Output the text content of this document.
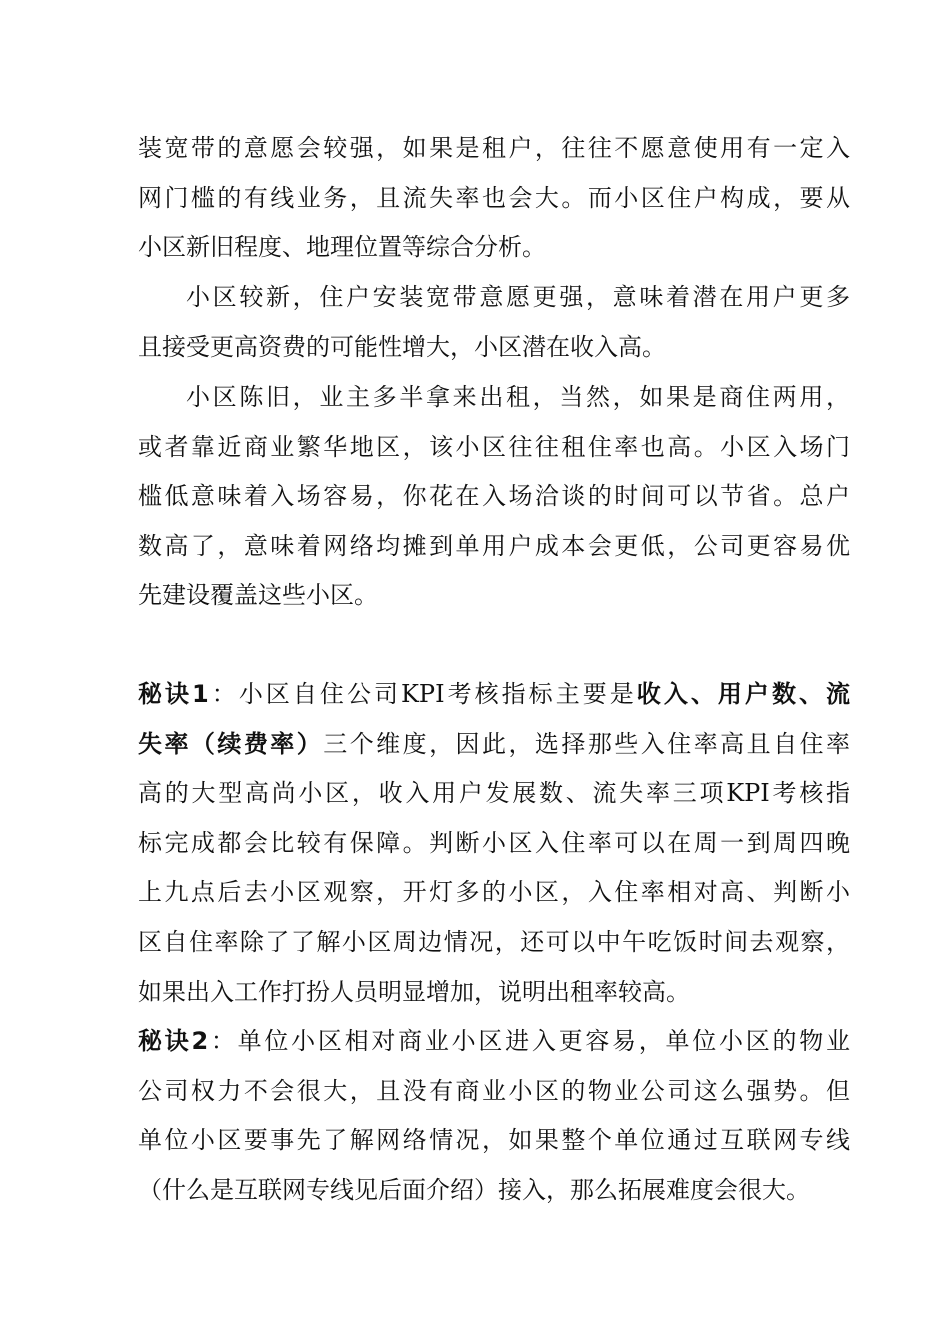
装宽带的意愿会较强，如果是租户，往往不愿意使用有一定入
网门槛的有线业务，且流失率也会大。而小区住户构成，要从
小区新旧程度、地理位置等综合分析。
小区较新，住户安装宽带意愿更强，意味着潜在用户更多
且接受更高资费的可能性增大，小区潜在收入高。
小区陈旧，业主多半拿来出租，当然，如果是商住两用，
或者靠近商业繁华地区，该小区往往租住率也高。小区入场门
槛低意味着入场容易，你花在入场洽谈的时间可以节省。总户
数高了，意味着网络均摊到单用户成本会更低，公司更容易优
先建设覆盖这些小区。
秘诀1：小区自住公司KPI考核指标主要是收入、用户数、流
失率（续费率）三个维度，因此，选择那些入住率高且自住率
高的大型高尚小区，收入用户发展数、流失率三项KPI考核指
标完成都会比较有保障。判断小区入住率可以在周一到周四晚
上九点后去小区观察，开灯多的小区，入住率相对高、判断小
区自住率除了了解小区周边情况，还可以中午吃饭时间去观察，
如果出入工作打扮人员明显增加，说明出租率较高。
秘诀2：单位小区相对商业小区进入更容易，单位小区的物业
公司权力不会很大，且没有商业小区的物业公司这么强势。但
单位小区要事先了解网络情况，如果整个单位通过互联网专线
（什么是互联网专线见后面介绍）接入，那么拓展难度会很大。
